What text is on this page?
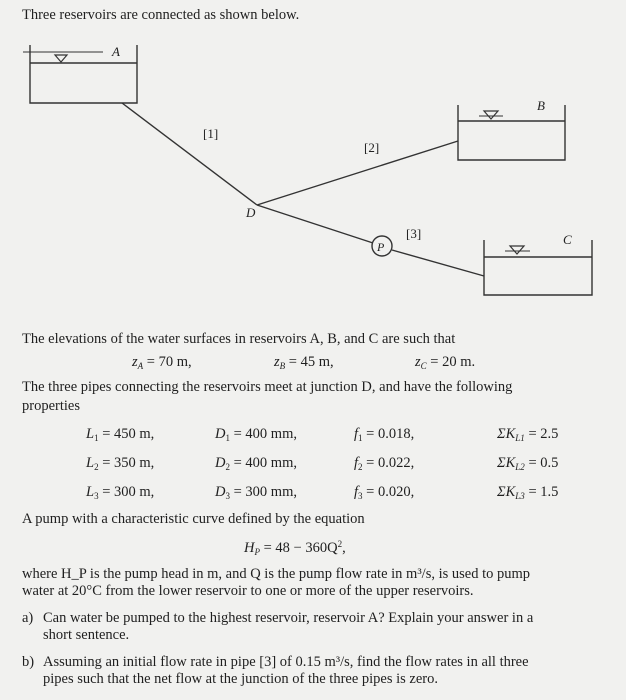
A
B
C
P
[1]
[2]
[3]
D
Three reservoirs are connected as shown below.
The elevations of the water surfaces in reservoirs A, B, and C are such that
$z_A = 70$ m,	$z_B = 45$ m,	$z_C = 20$ m.
The three pipes connecting the reservoirs meet at junction D, and have the following
properties
$L_1 = 450$ m,	$D_1 = 400$ mm,	$f_1 = 0.018$,	$\Sigma K_{L1} = 2.5$
$L_2 = 350$ m,	$D_2 = 400$ mm,	$f_2 = 0.022$,	$\Sigma K_{L2} = 0.5$
$L_3 = 300$ m,	$D_3 = 300$ mm,	$f_3 = 0.020$,	$\Sigma K_{L3} = 1.5$
A pump with a characteristic curve defined by the equation
$H_P = 48 - 360Q^2$,
where H_P is the pump head in m, and Q is the pump flow rate in m³/s, is used to pump
water at 20°C from the lower reservoir to one or more of the upper reservoirs.
a) Can water be pumped to the highest reservoir, reservoir A? Explain your answer in a
short sentence.
b) Assuming an initial flow rate in pipe [3] of 0.15 m³/s, find the flow rates in all three
pipes such that the net flow at the junction of the three pipes is zero.
